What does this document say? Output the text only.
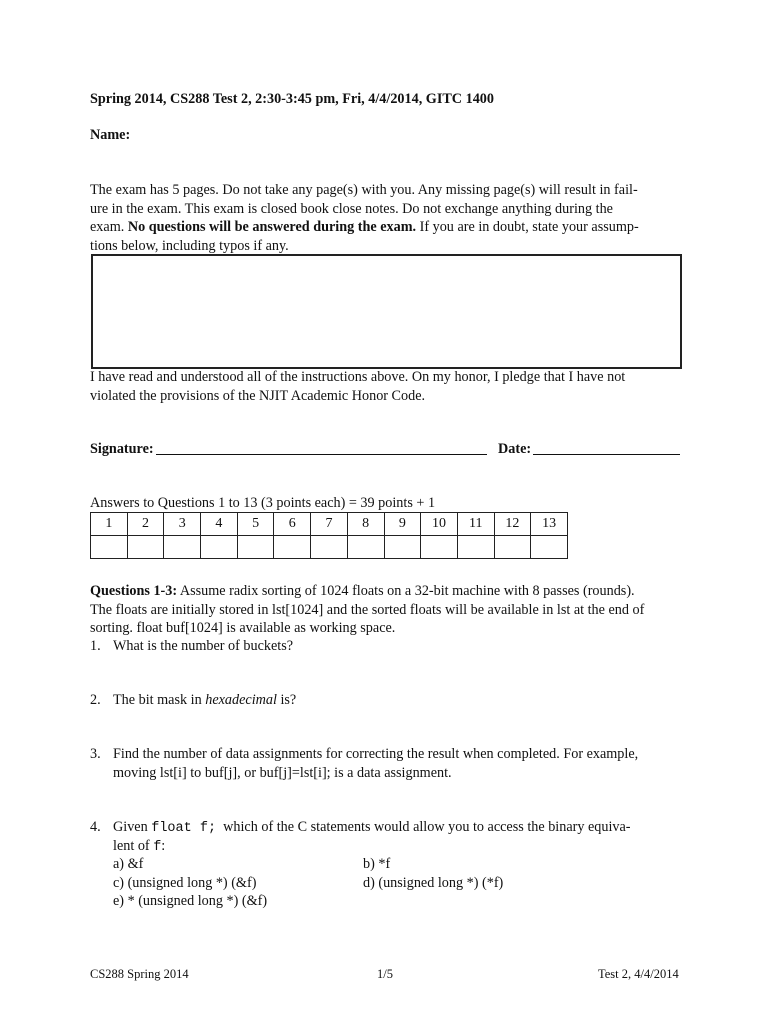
Spring 2014, CS288 Test 2, 2:30-3:45 pm, Fri, 4/4/2014, GITC 1400
Name:
The exam has 5 pages. Do not take any page(s) with you. Any missing page(s) will result in fail-
ure in the exam. This exam is closed book close notes. Do not exchange anything during the
exam. No questions will be answered during the exam. If you are in doubt, state your assump-
tions below, including typos if any.
I have read and understood all of the instructions above. On my honor, I pledge that I have not
violated the provisions of the NJIT Academic Honor Code.
Signature:	Date:
Answers to Questions 1 to 13 (3 points each) = 39 points + 1
1	2	3	4	5	6	7	8	9	10	11	12	13

Questions 1-3: Assume radix sorting of 1024 floats on a 32-bit machine with 8 passes (rounds).
The floats are initially stored in lst[1024] and the sorted floats will be available in lst at the end of
sorting. float buf[1024] is available as working space.
1. What is the number of buckets?
2. The bit mask in hexadecimal is?
3. Find the number of data assignments for correcting the result when completed. For example,
moving lst[i] to buf[j], or buf[j]=lst[i]; is a data assignment.
4. Given float f;  which of the C statements would allow you to access the binary equiva-
lent of f:
a) &f	b) *f
c) (unsigned long *) (&f)	d) (unsigned long *) (*f)
e) * (unsigned long *) (&f)
CS288 Spring 2014	1/5	Test 2, 4/4/2014
